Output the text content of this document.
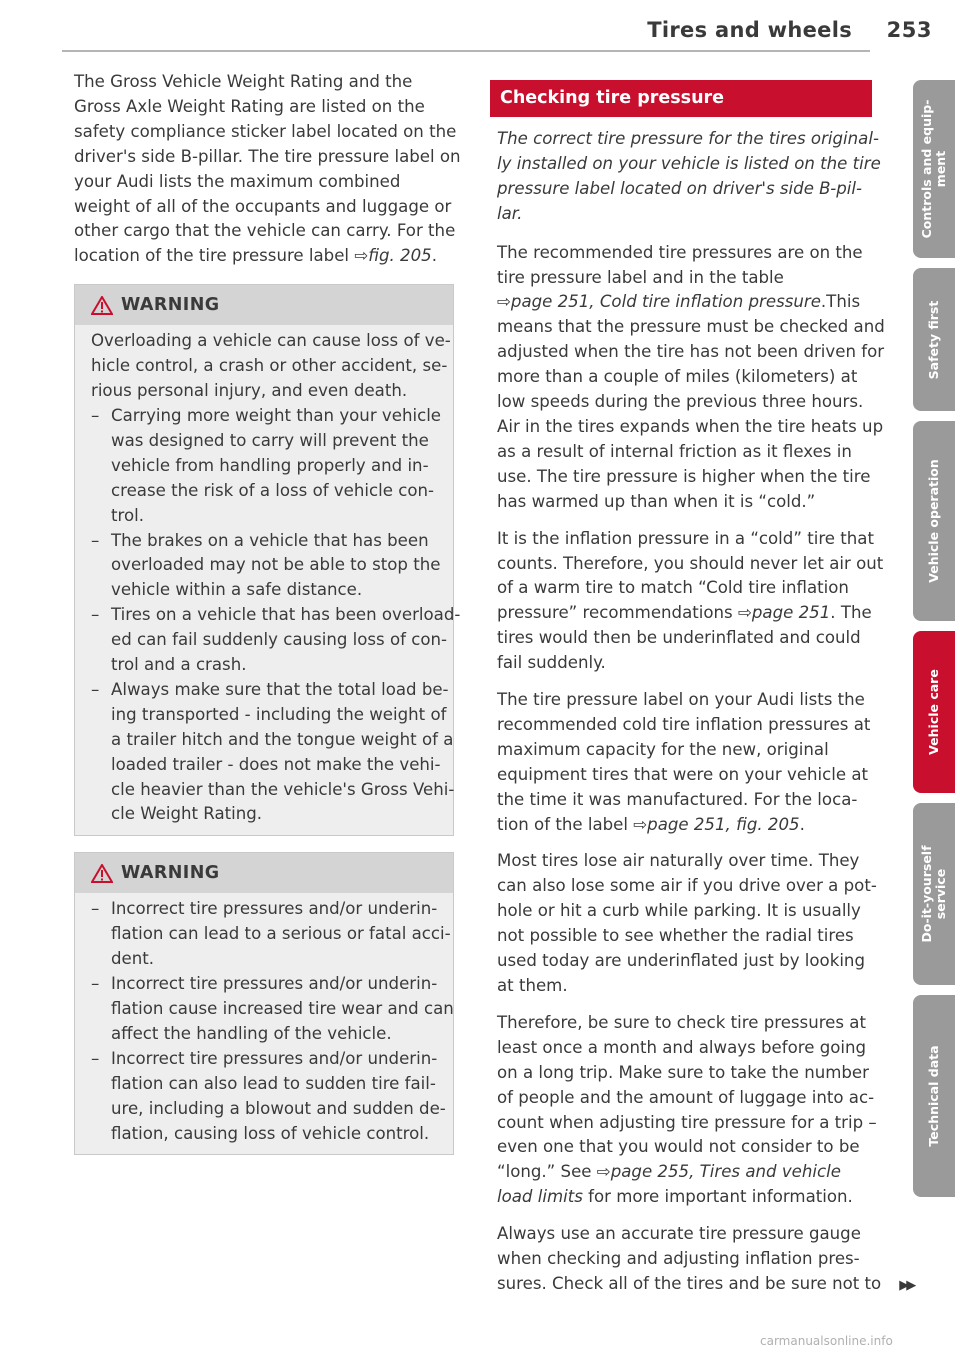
Tires and wheels 253

The Gross Vehicle Weight Rating and the
Gross Axle Weight Rating are listed on the
safety compliance sticker label located on the
driver's side B-pillar. The tire pressure label on
your Audi lists the maximum combined
weight of all of the occupants and luggage or
other cargo that the vehicle can carry. For the
location of the tire pressure label ⇨fig. 205.

WARNING

Overloading a vehicle can cause loss of ve-
hicle control, a crash or other accident, se-
rious personal injury, and even death.

– Carrying more weight than your vehicle
was designed to carry will prevent the
vehicle from handling properly and in-
crease the risk of a loss of vehicle con-
trol.
– The brakes on a vehicle that has been
overloaded may not be able to stop the
vehicle within a safe distance.
– Tires on a vehicle that has been overload-
ed can fail suddenly causing loss of con-
trol and a crash.
– Always make sure that the total load be-
ing transported - including the weight of
a trailer hitch and the tongue weight of a
loaded trailer - does not make the vehi-
cle heavier than the vehicle's Gross Vehi-
cle Weight Rating.
WARNING
– Incorrect tire pressures and/or underin-
flation can lead to a serious or fatal acci-
dent.
– Incorrect tire pressures and/or underin-
flation cause increased tire wear and can
affect the handling of the vehicle.
– Incorrect tire pressures and/or underin-
flation can also lead to sudden tire fail-
ure, including a blowout and sudden de-
flation, causing loss of vehicle control.
Checking tire pressure

The correct tire pressure for the tires original-
ly installed on your vehicle is listed on the tire
pressure label located on driver's side B-pil-
lar.

The recommended tire pressures are on the
tire pressure label and in the table
⇨page 251, Cold tire inflation pressure.This
means that the pressure must be checked and
adjusted when the tire has not been driven for
more than a couple of miles (kilometers) at
low speeds during the previous three hours.
Air in the tires expands when the tire heats up
as a result of internal friction as it flexes in
use. The tire pressure is higher when the tire
has warmed up than when it is “cold.”

It is the inflation pressure in a “cold” tire that
counts. Therefore, you should never let air out
of a warm tire to match “Cold tire inflation
pressure” recommendations ⇨page 251. The
tires would then be underinflated and could
fail suddenly.

The tire pressure label on your Audi lists the
recommended cold tire inflation pressures at
maximum capacity for the new, original
equipment tires that were on your vehicle at
the time it was manufactured. For the loca-
tion of the label ⇨page 251, fig. 205.

Most tires lose air naturally over time. They
can also lose some air if you drive over a pot-
hole or hit a curb while parking. It is usually
not possible to see whether the radial tires
used today are underinflated just by looking
at them.

Therefore, be sure to check tire pressures at
least once a month and always before going
on a long trip. Make sure to take the number
of people and the amount of luggage into ac-
count when adjusting tire pressure for a trip –
even one that you would not consider to be
“long.” See ⇨page 255, Tires and vehicle
load limits for more important information.

Always use an accurate tire pressure gauge
when checking and adjusting inflation pres-
sures. Check all of the tires and be sure not to ▶▶

Controls and equip-
ment
Safety first
Vehicle operation
Vehicle care
Do-it-yourself
service
Technical data
carmanualsonline.info
